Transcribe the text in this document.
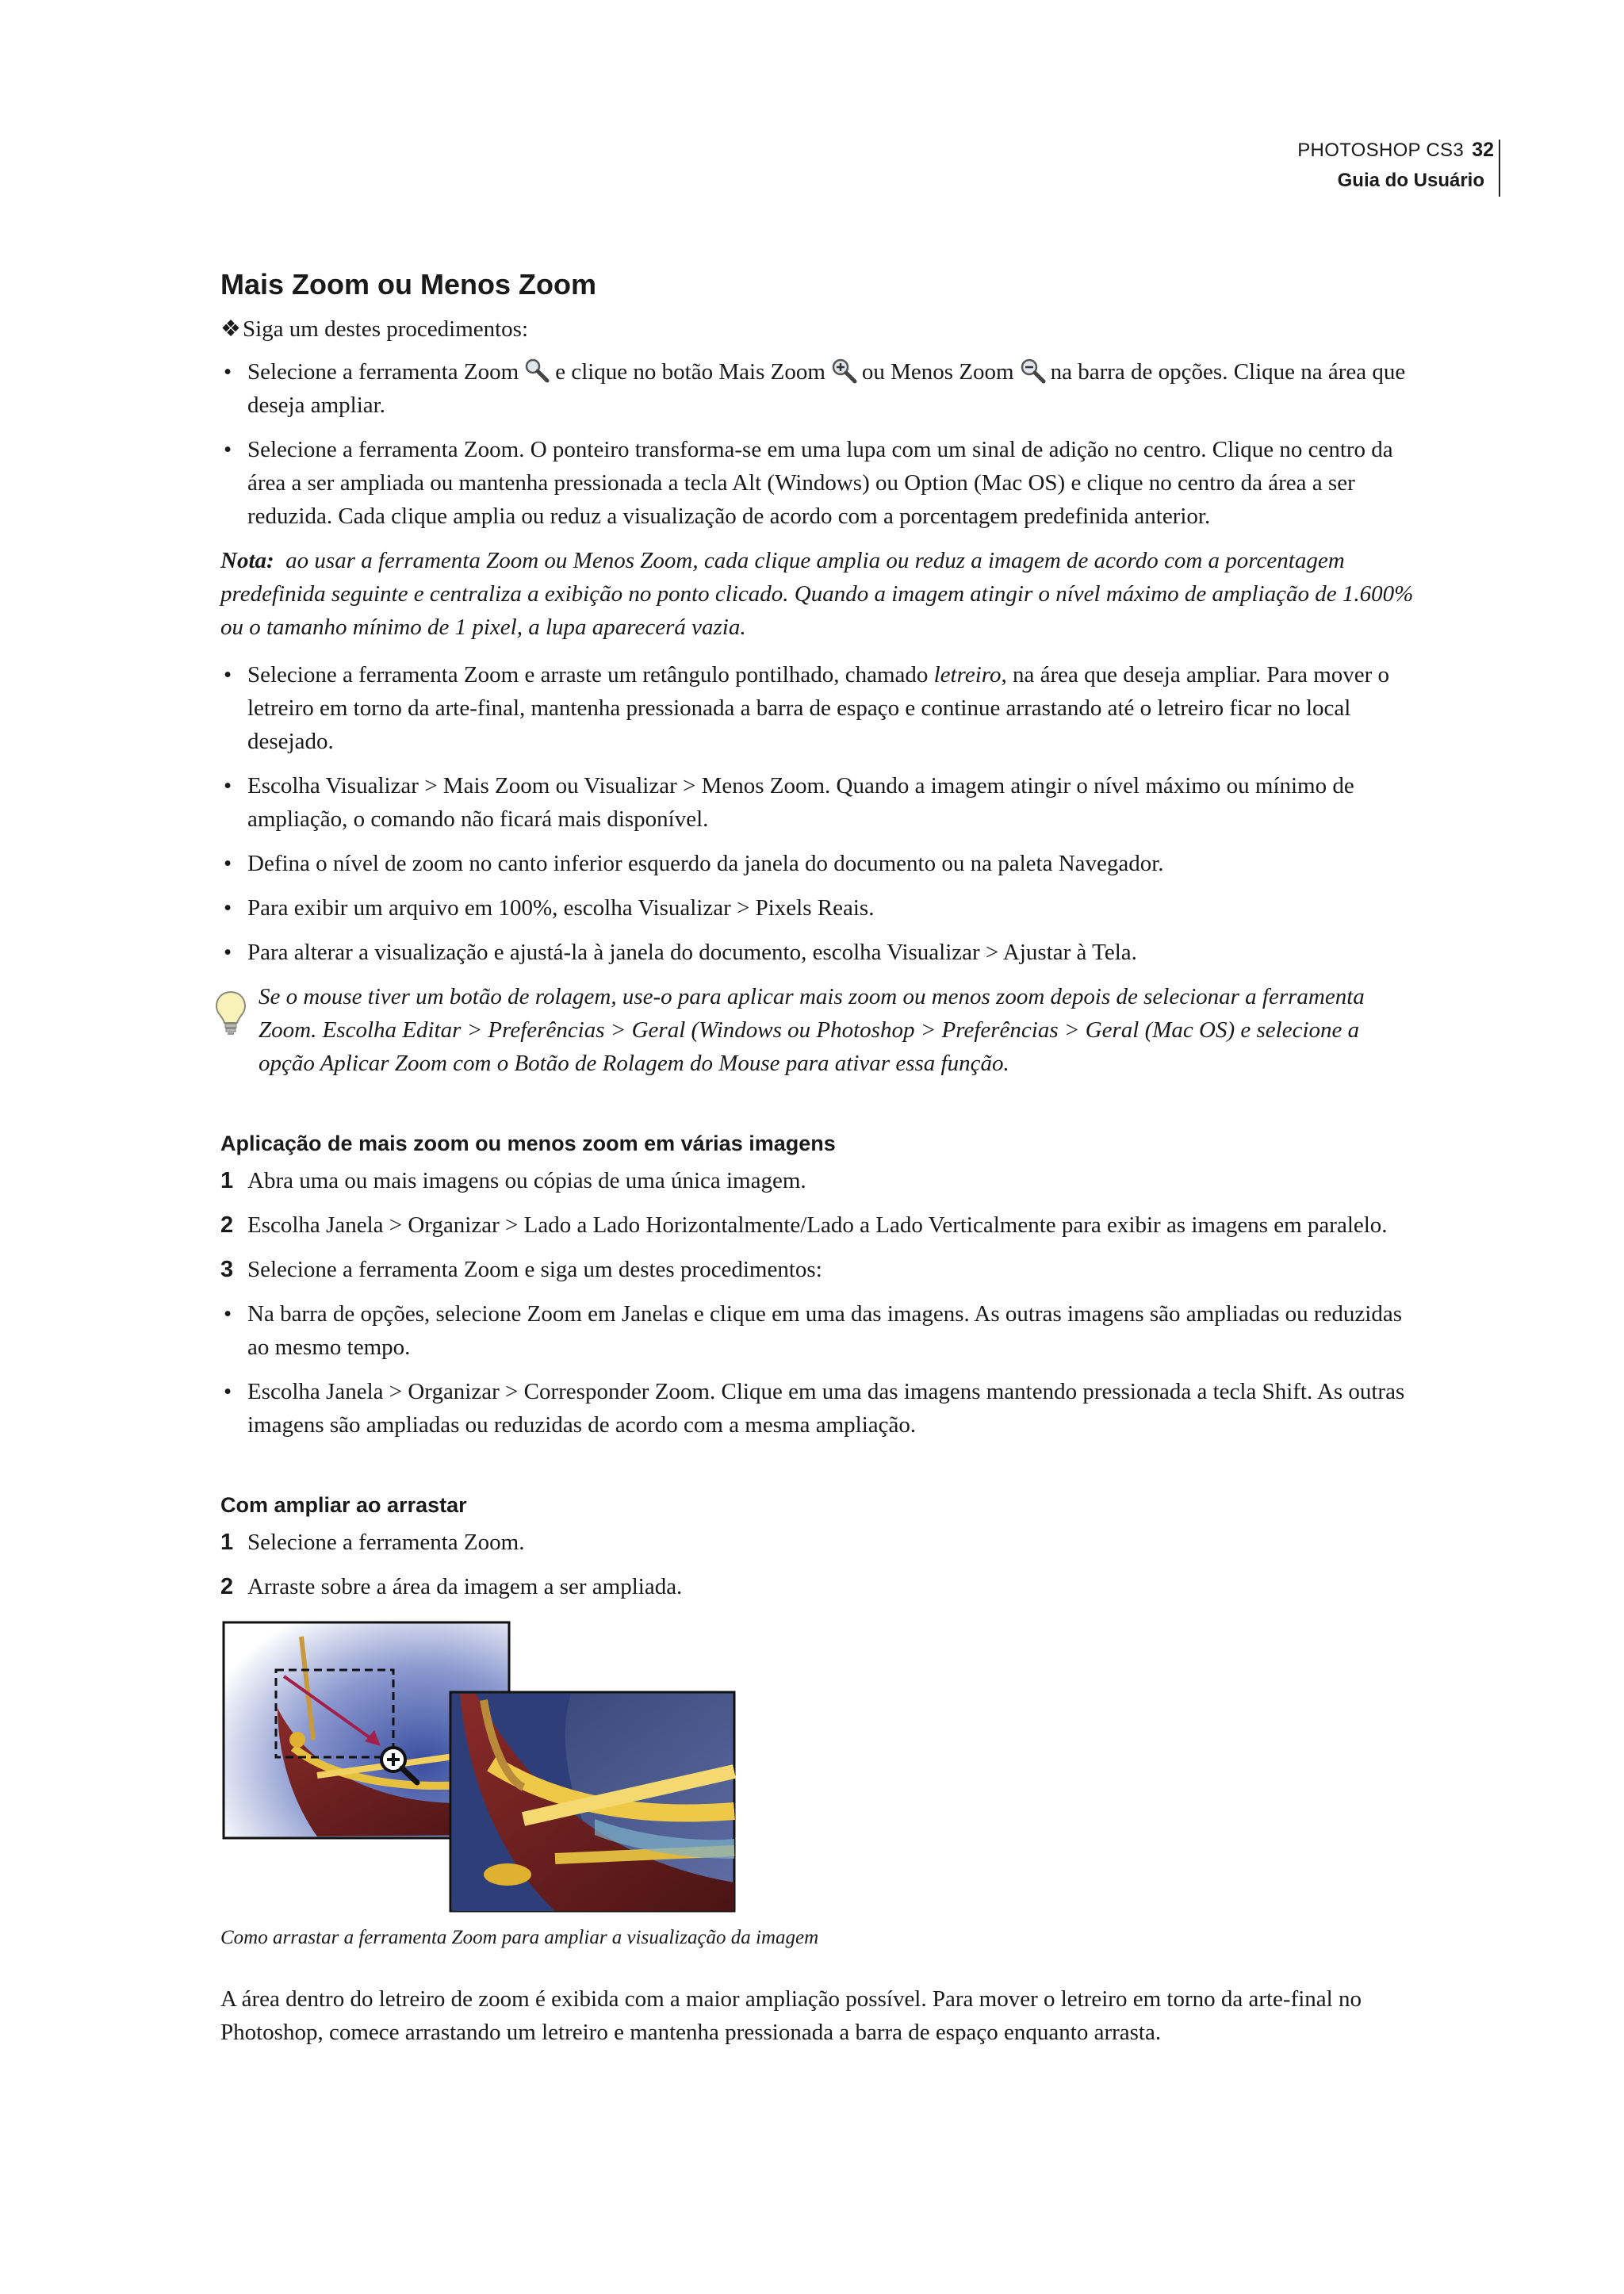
PHOTOSHOP CS3 32
Guia do Usuário
Mais Zoom ou Menos Zoom

❖Siga um destes procedimentos:

• Selecione a ferramenta Zoom e clique no botão Mais Zoom ou Menos Zoom na barra de opções. Clique na área que deseja ampliar.
• Selecione a ferramenta Zoom. O ponteiro transforma-se em uma lupa com um sinal de adição no centro. Clique no centro da área a ser ampliada ou mantenha pressionada a tecla Alt (Windows) ou Option (Mac OS) e clique no centro da área a ser reduzida. Cada clique amplia ou reduz a visualização de acordo com a porcentagem predefinida anterior.

Nota: ao usar a ferramenta Zoom ou Menos Zoom, cada clique amplia ou reduz a imagem de acordo com a porcentagem predefinida seguinte e centraliza a exibição no ponto clicado. Quando a imagem atingir o nível máximo de ampliação de 1.600% ou o tamanho mínimo de 1 pixel, a lupa aparecerá vazia.

• Selecione a ferramenta Zoom e arraste um retângulo pontilhado, chamado letreiro, na área que deseja ampliar. Para mover o letreiro em torno da arte-final, mantenha pressionada a barra de espaço e continue arrastando até o letreiro ficar no local desejado.
• Escolha Visualizar > Mais Zoom ou Visualizar > Menos Zoom. Quando a imagem atingir o nível máximo ou mínimo de ampliação, o comando não ficará mais disponível.
• Defina o nível de zoom no canto inferior esquerdo da janela do documento ou na paleta Navegador.
• Para exibir um arquivo em 100%, escolha Visualizar > Pixels Reais.
• Para alterar a visualização e ajustá-la à janela do documento, escolha Visualizar > Ajustar à Tela.

Se o mouse tiver um botão de rolagem, use-o para aplicar mais zoom ou menos zoom depois de selecionar a ferramenta Zoom. Escolha Editar > Preferências > Geral (Windows ou Photoshop > Preferências > Geral (Mac OS) e selecione a opção Aplicar Zoom com o Botão de Rolagem do Mouse para ativar essa função.

Aplicação de mais zoom ou menos zoom em várias imagens

1 Abra uma ou mais imagens ou cópias de uma única imagem.

2 Escolha Janela > Organizar > Lado a Lado Horizontalmente/Lado a Lado Verticalmente para exibir as imagens em paralelo.

3 Selecione a ferramenta Zoom e siga um destes procedimentos:

• Na barra de opções, selecione Zoom em Janelas e clique em uma das imagens. As outras imagens são ampliadas ou reduzidas ao mesmo tempo.
• Escolha Janela > Organizar > Corresponder Zoom. Clique em uma das imagens mantendo pressionada a tecla Shift. As outras imagens são ampliadas ou reduzidas de acordo com a mesma ampliação.
Com ampliar ao arrastar

1 Selecione a ferramenta Zoom.

2 Arraste sobre a área da imagem a ser ampliada.

Como arrastar a ferramenta Zoom para ampliar a visualização da imagem

A área dentro do letreiro de zoom é exibida com a maior ampliação possível. Para mover o letreiro em torno da arte-final no Photoshop, comece arrastando um letreiro e mantenha pressionada a barra de espaço enquanto arrasta.
